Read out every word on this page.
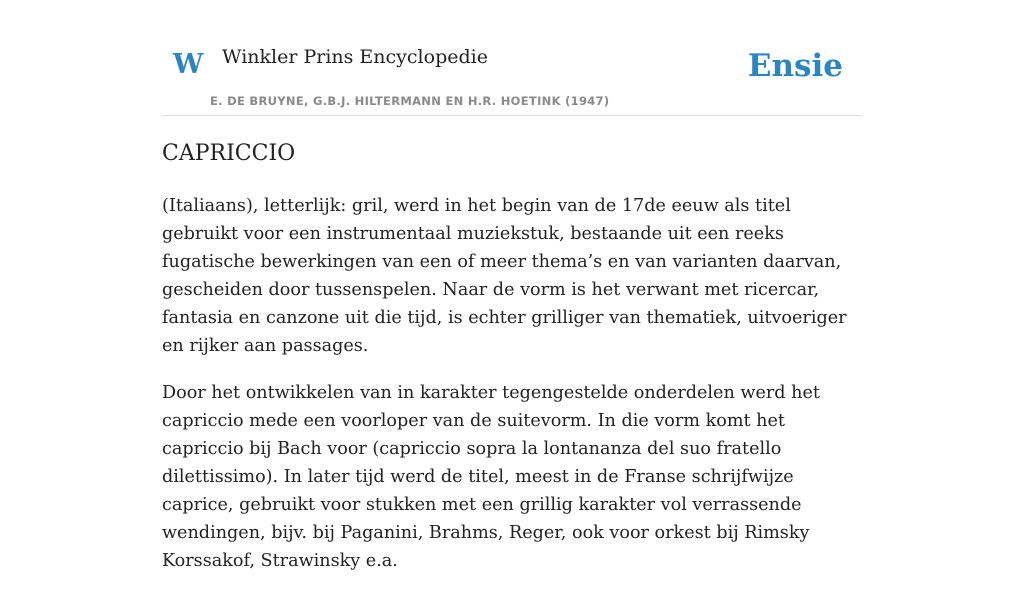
W Winkler Prins Encyclopedie
E. DE BRUYNE, G.B.J. HILTERMANN EN H.R. HOETINK (1947)
Ensie
CAPRICCIO

(Italiaans), letterlijk: gril, werd in het begin van de 17de eeuw als titel gebruikt voor een instrumentaal muziekstuk, bestaande uit een reeks fugatische bewerkingen van een of meer thema’s en van varianten daarvan, gescheiden door tussenspelen. Naar de vorm is het verwant met ricercar, fantasia en canzone uit die tijd, is echter grilliger van thematiek, uitvoeriger en rijker aan passages.

Door het ontwikkelen van in karakter tegengestelde onderdelen werd het capriccio mede een voorloper van de suitevorm. In die vorm komt het capriccio bij Bach voor (capriccio sopra la lontananza del suo fratello dilettissimo). In later tijd werd de titel, meest in de Franse schrijfwijze caprice, gebruikt voor stukken met een grillig karakter vol verrassende wendingen, bijv. bij Paganini, Brahms, Reger, ook voor orkest bij Rimsky Korssakof, Strawinsky e.a.
